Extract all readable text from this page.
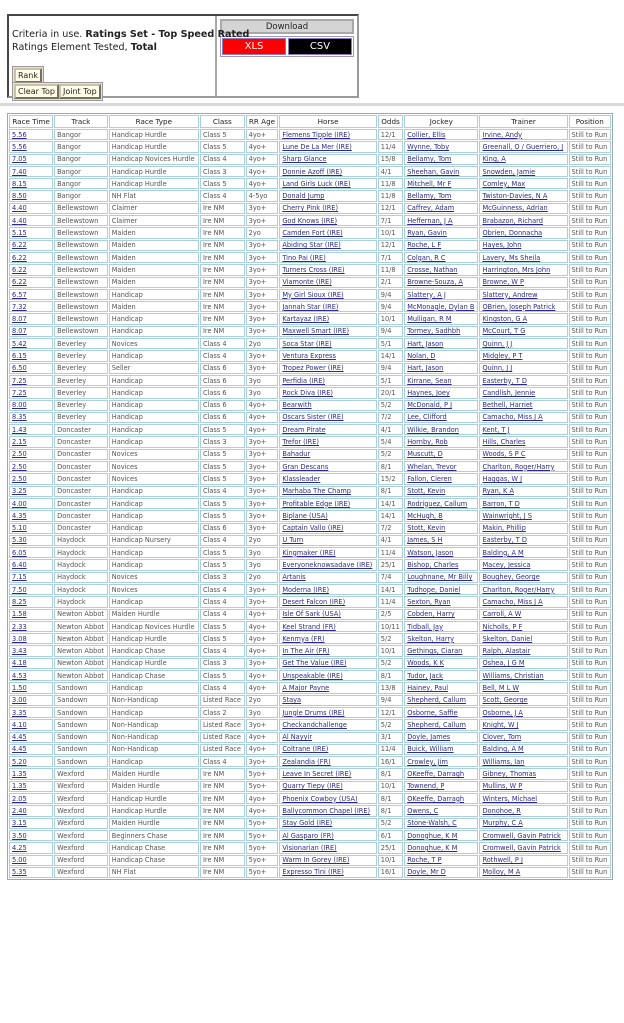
Criteria in use. Ratings Set - Top Speed Rated
Ratings Element Tested, Total
Rank
Clear Top	Joint Top
Download
XLS	CSV
Race Time	Track	Race Type	Class	RR Age	Horse	Odds	Jockey	Trainer	Position
5.56	Bangor	Handicap Hurdle	Class 5	4yo+	Flemens Tipple (IRE)	12/1	Collier, Ellis	Irvine, Andy	Still to Run
5.56	Bangor	Handicap Hurdle	Class 5	4yo+	Lune De La Mer (IRE)	11/4	Wynne, Toby	Greenall, O / Guerriero, J	Still to Run
7.05	Bangor	Handicap Novices Hurdle	Class 4	4yo+	Sharp Glance	15/8	Bellamy, Tom	King, A	Still to Run
7.40	Bangor	Handicap Hurdle	Class 3	4yo+	Donnie Azoff (IRE)	4/1	Sheehan, Gavin	Snowden, Jamie	Still to Run
8.15	Bangor	Handicap Hurdle	Class 5	4yo+	Land Girls Luck (IRE)	11/8	Mitchell, Mr F	Comley, Max	Still to Run
8.50	Bangor	NH Flat	Class 4	4-5yo	Donald Jump	11/8	Bellamy, Tom	Twiston-Davies, N A	Still to Run
4.40	Bellewstown	Claimer	Ire NM	3yo+	Cherry Pink (IRE)	12/1	Caffrey, Adam	McGuinness, Adrian	Still to Run
4.40	Bellewstown	Claimer	Ire NM	3yo+	God Knows (IRE)	7/1	Heffernan, J A	Brabazon, Richard	Still to Run
5.15	Bellewstown	Maiden	Ire NM	2yo	Camden Fort (IRE)	10/1	Ryan, Gavin	Obrien, Donnacha	Still to Run
6.22	Bellewstown	Maiden	Ire NM	3yo+	Abiding Star (IRE)	12/1	Roche, L F	Hayes, John	Still to Run
6.22	Bellewstown	Maiden	Ire NM	3yo+	Tino Pai (IRE)	7/1	Colgan, R C	Lavery, Ms Sheila	Still to Run
6.22	Bellewstown	Maiden	Ire NM	3yo+	Turners Cross (IRE)	11/8	Crosse, Nathan	Harrington, Mrs John	Still to Run
6.22	Bellewstown	Maiden	Ire NM	3yo+	Viamonte (IRE)	2/1	Browne-Souza, A	Browne, W P	Still to Run
6.57	Bellewstown	Handicap	Ire NM	3yo+	My Girl Sioux (IRE)	9/4	Slattery, A J	Slattery, Andrew	Still to Run
7.32	Bellewstown	Maiden	Ire NM	3yo+	Jannah Star (IRE)	9/4	McMonagle, Dylan B	OBrien, Joseph Patrick	Still to Run
8.07	Bellewstown	Handicap	Ire NM	3yo+	Kartayaz (IRE)	10/1	Mulligan, R M	Kingston, G A	Still to Run
8.07	Bellewstown	Handicap	Ire NM	3yo+	Maxwell Smart (IRE)	9/4	Tormey, Sadhbh	McCourt, T G	Still to Run
5.42	Beverley	Novices	Class 4	2yo	Soca Star (IRE)	5/1	Hart, Jason	Quinn, J J	Still to Run
6.15	Beverley	Handicap	Class 4	3yo+	Ventura Express	14/1	Nolan, D	Midgley, P T	Still to Run
6.50	Beverley	Seller	Class 6	3yo+	Tropez Power (IRE)	9/4	Hart, Jason	Quinn, J J	Still to Run
7.25	Beverley	Handicap	Class 6	3yo	Perfidia (IRE)	5/1	Kirrane, Sean	Easterby, T D	Still to Run
7.25	Beverley	Handicap	Class 6	3yo	Rock Diva (IRE)	20/1	Haynes, Joey	Candlish, Jennie	Still to Run
8.00	Beverley	Handicap	Class 6	4yo+	Bearwith	5/2	McDonald, P J	Bethell, Harriet	Still to Run
8.35	Beverley	Handicap	Class 6	4yo+	Oscars Sister (IRE)	7/2	Lee, Clifford	Camacho, Miss J A	Still to Run
1.43	Doncaster	Handicap	Class 5	4yo+	Dream Pirate	4/1	Wilkie, Brandon	Kent, T J	Still to Run
2.15	Doncaster	Handicap	Class 3	3yo+	Trefor (IRE)	5/4	Hornby, Rob	Hills, Charles	Still to Run
2.50	Doncaster	Novices	Class 5	3yo+	Bahadur	5/2	Muscutt, D	Woods, S P C	Still to Run
2.50	Doncaster	Novices	Class 5	3yo+	Gran Descans	8/1	Whelan, Trevor	Charlton, Roger/Harry	Still to Run
2.50	Doncaster	Novices	Class 5	3yo+	Klassleader	15/2	Fallon, Cieren	Haggas, W J	Still to Run
3.25	Doncaster	Handicap	Class 4	3yo+	Marhaba The Champ	8/1	Stott, Kevin	Ryan, K A	Still to Run
4.00	Doncaster	Handicap	Class 5	3yo+	Profitable Edge (IRE)	14/1	Rodriguez, Callum	Barron, T D	Still to Run
4.35	Doncaster	Handicap	Class 5	3yo+	Biplane (USA)	14/1	McHugh, B	Wainwright, J S	Still to Run
5.10	Doncaster	Handicap	Class 6	3yo+	Captain Vallo (IRE)	7/2	Stott, Kevin	Makin, Phillip	Still to Run
5.30	Haydock	Handicap Nursery	Class 4	2yo	U Turn	4/1	James, S H	Easterby, T D	Still to Run
6.05	Haydock	Handicap	Class 5	3yo	Kingmaker (IRE)	11/4	Watson, Jason	Balding, A M	Still to Run
6.40	Haydock	Handicap	Class 5	3yo	Everyoneknowsadave (IRE)	25/1	Bishop, Charles	Macey, Jessica	Still to Run
7.15	Haydock	Novices	Class 3	2yo	Artanis	7/4	Loughnane, Mr Billy	Boughey, George	Still to Run
7.50	Haydock	Novices	Class 4	3yo+	Moderna (IRE)	14/1	Tudhope, Daniel	Charlton, Roger/Harry	Still to Run
8.25	Haydock	Handicap	Class 4	3yo+	Desert Falcon (IRE)	11/4	Sexton, Ryan	Camacho, Miss J A	Still to Run
1.58	Newton Abbot	Maiden Hurdle	Class 4	4yo+	Isle Of Sark (USA)	2/5	Cobden, Harry	Carroll, A W	Still to Run
2.33	Newton Abbot	Handicap Novices Hurdle	Class 5	4yo+	Keel Strand (FR)	10/11	Tidball, Jay	Nicholls, P F	Still to Run
3.08	Newton Abbot	Handicap Hurdle	Class 5	4yo+	Kenmya (FR)	5/2	Skelton, Harry	Skelton, Daniel	Still to Run
3.43	Newton Abbot	Handicap Chase	Class 4	4yo+	In The Air (FR)	10/1	Gethings, Ciaran	Ralph, Alastair	Still to Run
4.18	Newton Abbot	Handicap Hurdle	Class 3	3yo+	Get The Value (IRE)	5/2	Woods, K K	Oshea, J G M	Still to Run
4.53	Newton Abbot	Handicap Chase	Class 5	4yo+	Unspeakable (IRE)	8/1	Tudor, Jack	Williams, Christian	Still to Run
1.50	Sandown	Handicap	Class 4	4yo+	A Major Payne	13/8	Hainey, Paul	Bell, M L W	Still to Run
3.00	Sandown	Non-Handicap	Listed Race	2yo	Staya	9/4	Shepherd, Callum	Scott, George	Still to Run
3.35	Sandown	Handicap	Class 2	3yo	Jungle Drums (IRE)	12/1	Osborne, Saffie	Osborne, J A	Still to Run
4.10	Sandown	Non-Handicap	Listed Race	3yo+	Checkandchallenge	5/2	Shepherd, Callum	Knight, W J	Still to Run
4.45	Sandown	Non-Handicap	Listed Race	4yo+	Al Nayyir	3/1	Doyle, James	Clover, Tom	Still to Run
4.45	Sandown	Non-Handicap	Listed Race	4yo+	Coltrane (IRE)	11/4	Buick, William	Balding, A M	Still to Run
5.20	Sandown	Handicap	Class 4	3yo+	Zealandia (FR)	16/1	Crowley, Jim	Williams, Ian	Still to Run
1.35	Wexford	Maiden Hurdle	Ire NM	5yo+	Leave In Secret (IRE)	8/1	OKeeffe, Darragh	Gibney, Thomas	Still to Run
1.35	Wexford	Maiden Hurdle	Ire NM	5yo+	Quarry Tiepy (IRE)	10/1	Townend, P	Mullins, W P	Still to Run
2.05	Wexford	Handicap Hurdle	Ire NM	4yo+	Phoenix Cowboy (USA)	8/1	OKeeffe, Darragh	Winters, Michael	Still to Run
2.40	Wexford	Handicap Hurdle	Ire NM	4yo+	Ballycommon Chapel (IRE)	8/1	Owens, C	Donohoe, R	Still to Run
3.15	Wexford	Maiden Hurdle	Ire NM	5yo+	Stay Gold (IRE)	5/2	Stone-Walsh, C	Murphy, C A	Still to Run
3.50	Wexford	Beginners Chase	Ire NM	5yo+	Al Gasparo (FR)	6/1	Donoghue, K M	Cromwell, Gavin Patrick	Still to Run
4.25	Wexford	Handicap Chase	Ire NM	5yo+	Visionarian (IRE)	25/1	Donoghue, K M	Cromwell, Gavin Patrick	Still to Run
5.00	Wexford	Handicap Chase	Ire NM	5yo+	Warm In Gorey (IRE)	10/1	Roche, T P	Rothwell, P J	Still to Run
5.35	Wexford	NH Flat	Ire NM	5yo+	Expresso Tini (IRE)	16/1	Doyle, Mr D	Molloy, M A	Still to Run
